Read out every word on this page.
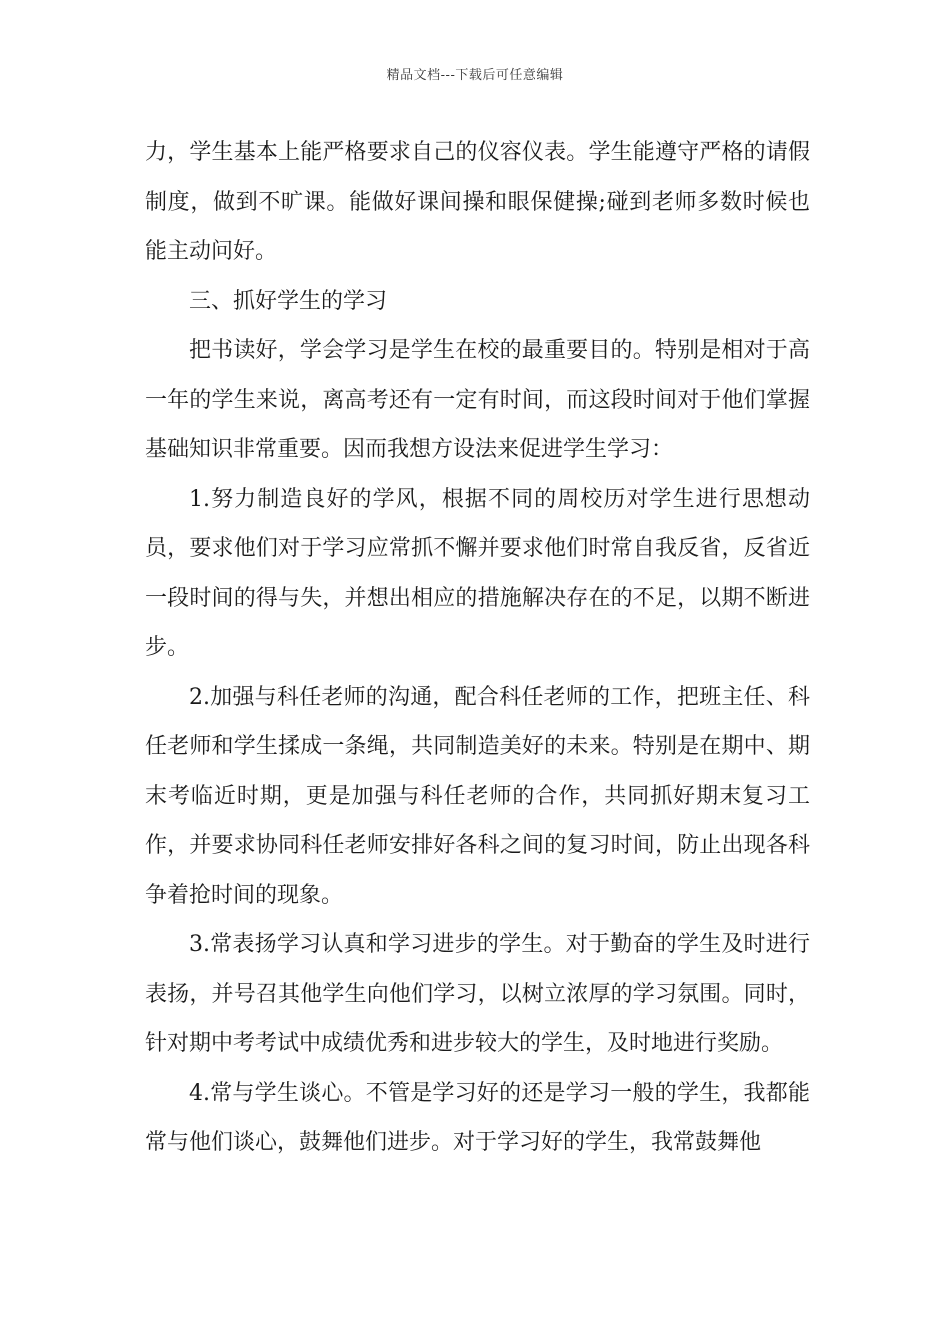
精品文档---下载后可任意编辑

力，学生基本上能严格要求自己的仪容仪表。学生能遵守严格的请假制度，做到不旷课。能做好课间操和眼保健操;碰到老师多数时候也能主动问好。

三、抓好学生的学习

把书读好，学会学习是学生在校的最重要目的。特别是相对于高一年的学生来说，离高考还有一定有时间，而这段时间对于他们掌握基础知识非常重要。因而我想方设法来促进学生学习：

1.努力制造良好的学风，根据不同的周校历对学生进行思想动员，要求他们对于学习应常抓不懈并要求他们时常自我反省，反省近一段时间的得与失，并想出相应的措施解决存在的不足，以期不断进步。

2.加强与科任老师的沟通，配合科任老师的工作，把班主任、科任老师和学生揉成一条绳，共同制造美好的未来。特别是在期中、期末考临近时期，更是加强与科任老师的合作，共同抓好期末复习工作，并要求协同科任老师安排好各科之间的复习时间，防止出现各科争着抢时间的现象。

3.常表扬学习认真和学习进步的学生。对于勤奋的学生及时进行表扬，并号召其他学生向他们学习，以树立浓厚的学习氛围。同时，针对期中考考试中成绩优秀和进步较大的学生，及时地进行奖励。

4.常与学生谈心。不管是学习好的还是学习一般的学生，我都能常与他们谈心，鼓舞他们进步。对于学习好的学生，我常鼓舞他
